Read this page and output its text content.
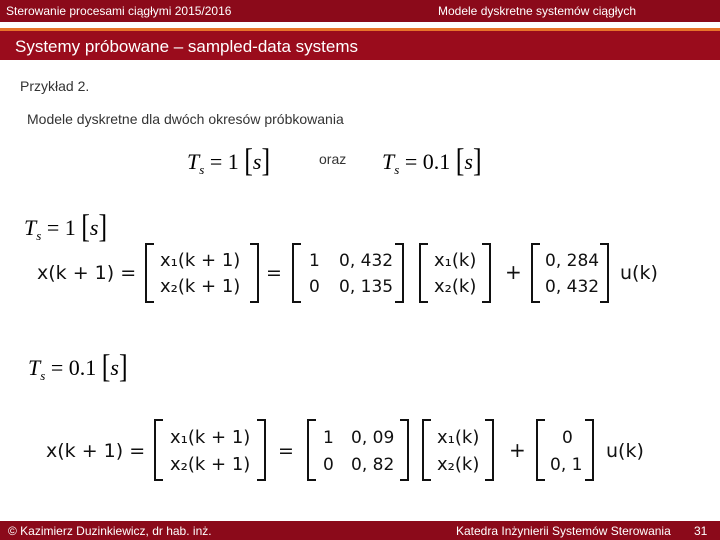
Sterowanie procesami ciągłymi 2015/2016	Modele dyskretne systemów ciągłych
Systemy próbowane – sampled-data systems
Przykład 2.
Modele dyskretne dla dwóch okresów próbkowania
$T_s = 1$ [s]	oraz $T_s = 0.1$ [s]
$T_s = 1$ [s]
x(k + 1) =
x₁(k + 1)
x₂(k + 1)
=
1 0, 432
0 0, 135
x₁(k)
x₂(k)
+ 0, 284
0, 432
u(k)
$T_s = 0.1$ [s]
x(k + 1) =
x₁(k + 1)
x₂(k + 1)
=
1 0, 09
0 0, 82
x₁(k)
x₂(k)
+ 0
0, 1
u(k)
© Kazimierz Duzinkiewicz, dr hab. inż.	Katedra Inżynierii Systemów Sterowania 31
